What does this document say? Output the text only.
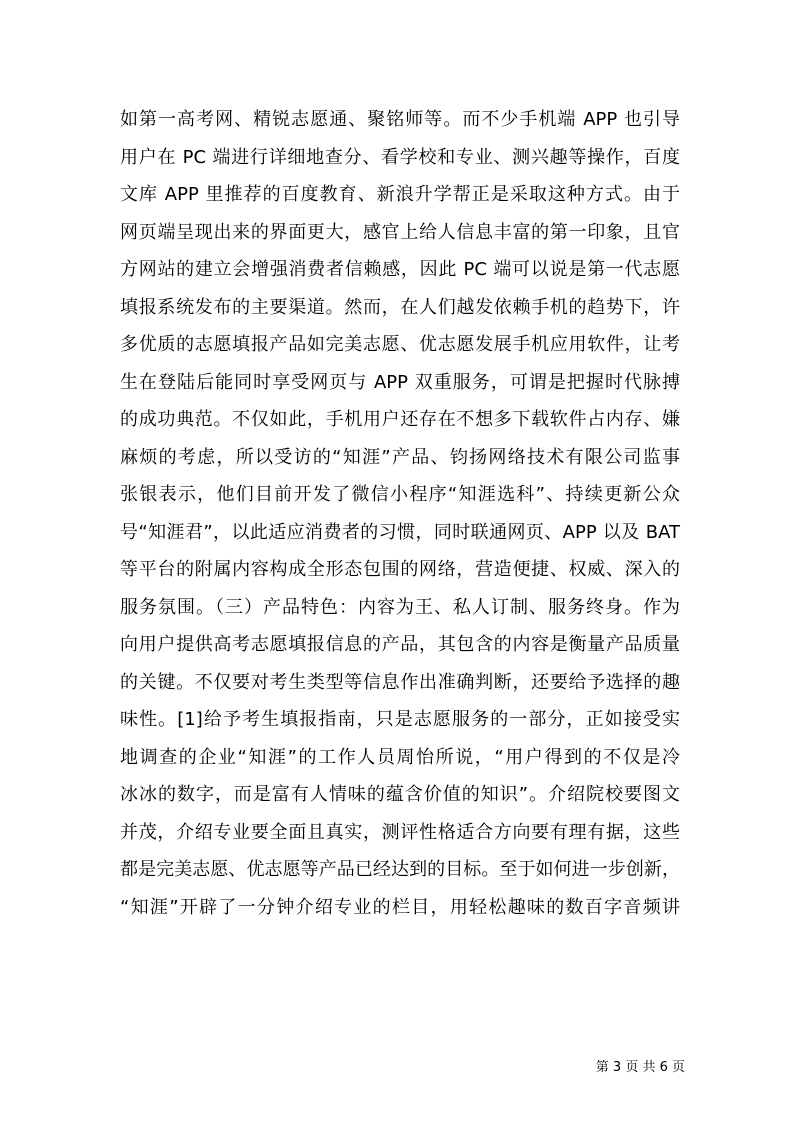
如第一高考网、精锐志愿通、聚铭师等。而不少手机端 APP 也引导
用户在 PC 端进行详细地查分、看学校和专业、测兴趣等操作，百度
文库 APP 里推荐的百度教育、新浪升学帮正是采取这种方式。由于
网页端呈现出来的界面更大，感官上给人信息丰富的第一印象，且官
方网站的建立会增强消费者信赖感，因此 PC 端可以说是第一代志愿
填报系统发布的主要渠道。然而，在人们越发依赖手机的趋势下，许
多优质的志愿填报产品如完美志愿、优志愿发展手机应用软件，让考
生在登陆后能同时享受网页与 APP 双重服务，可谓是把握时代脉搏
的成功典范。不仅如此，手机用户还存在不想多下载软件占内存、嫌
麻烦的考虑，所以受访的“知涯”产品、钧扬网络技术有限公司监事
张银表示，他们目前开发了微信小程序“知涯选科”、持续更新公众
号“知涯君”，以此适应消费者的习惯，同时联通网页、APP 以及 BAT
等平台的附属内容构成全形态包围的网络，营造便捷、权威、深入的
服务氛围。（三）产品特色：内容为王、私人订制、服务终身。作为
向用户提供高考志愿填报信息的产品，其包含的内容是衡量产品质量
的关键。不仅要对考生类型等信息作出准确判断，还要给予选择的趣
味性。[1]给予考生填报指南，只是志愿服务的一部分，正如接受实
地调查的企业“知涯”的工作人员周怡所说，“用户得到的不仅是冷
冰冰的数字，而是富有人情味的蕴含价值的知识”。介绍院校要图文
并茂，介绍专业要全面且真实，测评性格适合方向要有理有据，这些
都是完美志愿、优志愿等产品已经达到的目标。至于如何进一步创新，
“知涯”开辟了一分钟介绍专业的栏目，用轻松趣味的数百字音频讲
第 3 页 共 6 页
